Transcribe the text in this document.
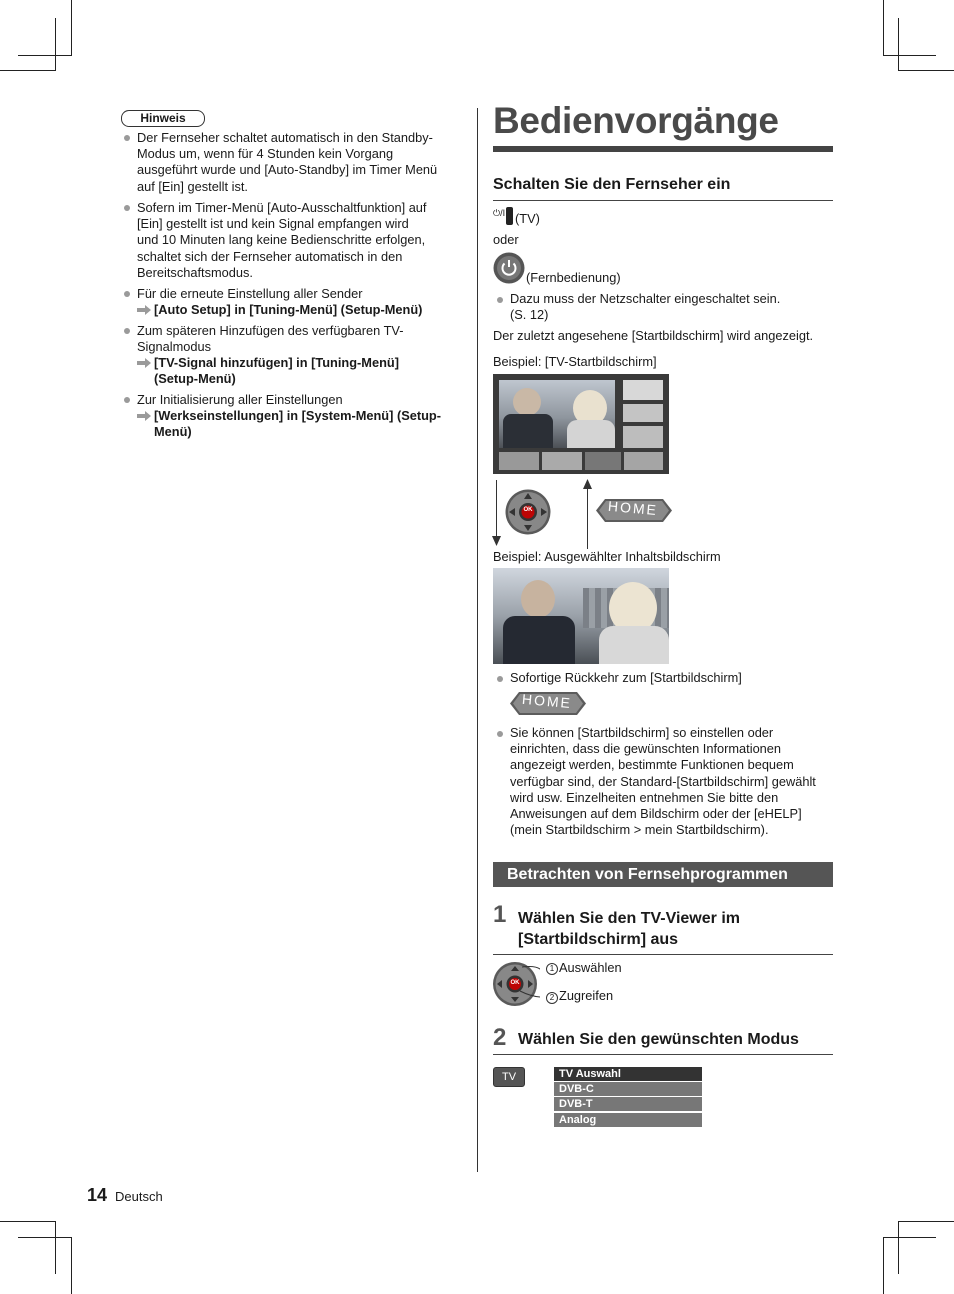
Hinweis
Der Fernseher schaltet automatisch in den Standby-
Modus um, wenn für 4 Stunden kein Vorgang
ausgeführt wurde und [Auto-Standby] im Timer Menü
auf [Ein] gestellt ist.
Sofern im Timer-Menü [Auto-Ausschaltfunktion] auf
[Ein] gestellt ist und kein Signal empfangen wird
und 10 Minuten lang keine Bedienschritte erfolgen,
schaltet sich der Fernseher automatisch in den
Bereitschaftsmodus.
Für die erneute Einstellung aller Sender
[Auto Setup] in [Tuning-Menü] (Setup-Menü)
Zum späteren Hinzufügen des verfügbaren TV-
Signalmodus
[TV-Signal hinzufügen] in [Tuning-Menü]
(Setup-Menü)
Zur Initialisierung aller Einstellungen
[Werkseinstellungen] in [System-Menü] (Setup-
Menü)
Bedienvorgänge
Schalten Sie den Fernseher ein
⏻/I (TV)
oder
(Fernbedienung)
Dazu muss der Netzschalter eingeschaltet sein.
(S. 12)
Der zuletzt angesehene [Startbildschirm] wird angezeigt.
Beispiel: [TV-Startbildschirm]
OK	HOME
Beispiel: Ausgewählter Inhaltsbildschirm
Sofortige Rückkehr zum [Startbildschirm]
HOME
Sie können [Startbildschirm] so einstellen oder
einrichten, dass die gewünschten Informationen
angezeigt werden, bestimmte Funktionen bequem
verfügbar sind, der Standard-[Startbildschirm] gewählt
wird usw. Einzelheiten entnehmen Sie bitte den
Anweisungen auf dem Bildschirm oder der [eHELP]
(mein Startbildschirm > mein Startbildschirm).
Betrachten von Fernsehprogrammen
1 Wählen Sie den TV-Viewer im
[Startbildschirm] aus
OK
1 Auswählen
2 Zugreifen
2 Wählen Sie den gewünschten Modus
TV	TV Auswahl
DVB-C
DVB-T
Analog
14 Deutsch
